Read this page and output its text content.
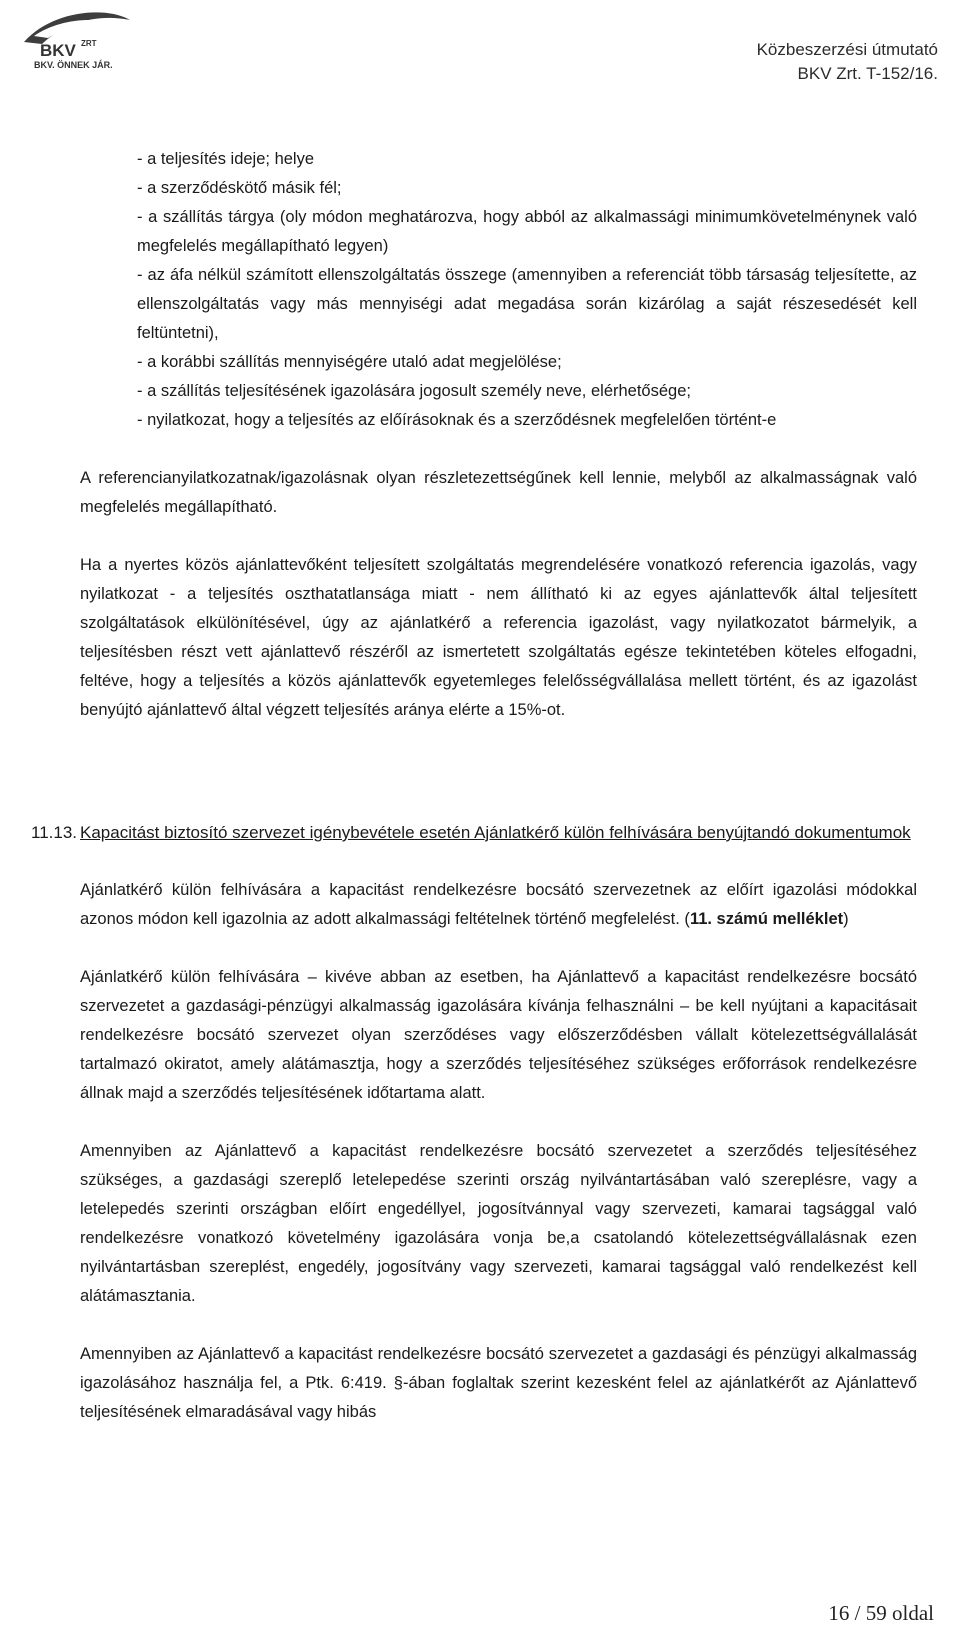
BKV ZRT
BKV. ÖNNEK JÁR.
Közbeszerzési útmutató
BKV Zrt. T-152/16.

- a teljesítés ideje; helye

- a szerződéskötő másik fél;

- a szállítás tárgya (oly módon meghatározva, hogy abból az alkalmassági minimumkövetelménynek való megfelelés megállapítható legyen)

- az áfa nélkül számított ellenszolgáltatás összege (amennyiben a referenciát több társaság teljesítette, az ellenszolgáltatás vagy más mennyiségi adat megadása során kizárólag a saját részesedését kell feltüntetni),

- a korábbi szállítás mennyiségére utaló adat megjelölése;

- a szállítás teljesítésének igazolására jogosult személy neve, elérhetősége;

- nyilatkozat, hogy a teljesítés az előírásoknak és a szerződésnek megfelelően történt-e

A referencianyilatkozatnak/igazolásnak olyan részletezettségűnek kell lennie, melyből az alkalmasságnak való megfelelés megállapítható.

Ha a nyertes közös ajánlattevőként teljesített szolgáltatás megrendelésére vonatkozó referencia igazolás, vagy nyilatkozat - a teljesítés oszthatatlansága miatt - nem állítható ki az egyes ajánlattevők által teljesített szolgáltatások elkülönítésével, úgy az ajánlatkérő a referencia igazolást, vagy nyilatkozatot bármelyik, a teljesítésben részt vett ajánlattevő részéről az ismertetett szolgáltatás egésze tekintetében köteles elfogadni, feltéve, hogy a teljesítés a közös ajánlattevők egyetemleges felelősségvállalása mellett történt, és az igazolást benyújtó ajánlattevő által végzett teljesítés aránya elérte a 15%-ot.

11.13. Kapacitást biztosító szervezet igénybevétele esetén Ajánlatkérő külön felhívására benyújtandó dokumentumok

Ajánlatkérő külön felhívására a kapacitást rendelkezésre bocsátó szervezetnek az előírt igazolási módokkal azonos módon kell igazolnia az adott alkalmassági feltételnek történő megfelelést. (11. számú melléklet)

Ajánlatkérő külön felhívására – kivéve abban az esetben, ha Ajánlattevő a kapacitást rendelkezésre bocsátó szervezetet a gazdasági-pénzügyi alkalmasság igazolására kívánja felhasználni – be kell nyújtani a kapacitásait rendelkezésre bocsátó szervezet olyan szerződéses vagy előszerződésben vállalt kötelezettségvállalását tartalmazó okiratot, amely alátámasztja, hogy a szerződés teljesítéséhez szükséges erőforrások rendelkezésre állnak majd a szerződés teljesítésének időtartama alatt.

Amennyiben az Ajánlattevő a kapacitást rendelkezésre bocsátó szervezetet a szerződés teljesítéséhez szükséges, a gazdasági szereplő letelepedése szerinti ország nyilvántartásában való szereplésre, vagy a letelepedés szerinti országban előírt engedéllyel, jogosítvánnyal vagy szervezeti, kamarai tagsággal való rendelkezésre vonatkozó követelmény igazolására vonja be,a csatolandó kötelezettségvállalásnak ezen nyilvántartásban szereplést, engedély, jogosítvány vagy szervezeti, kamarai tagsággal való rendelkezést kell alátámasztania.

Amennyiben az Ajánlattevő a kapacitást rendelkezésre bocsátó szervezetet a gazdasági és pénzügyi alkalmasság igazolásához használja fel, a Ptk. 6:419. §-ában foglaltak szerint kezesként felel az ajánlatkérőt az Ajánlattevő teljesítésének elmaradásával vagy hibás

16 / 59 oldal
